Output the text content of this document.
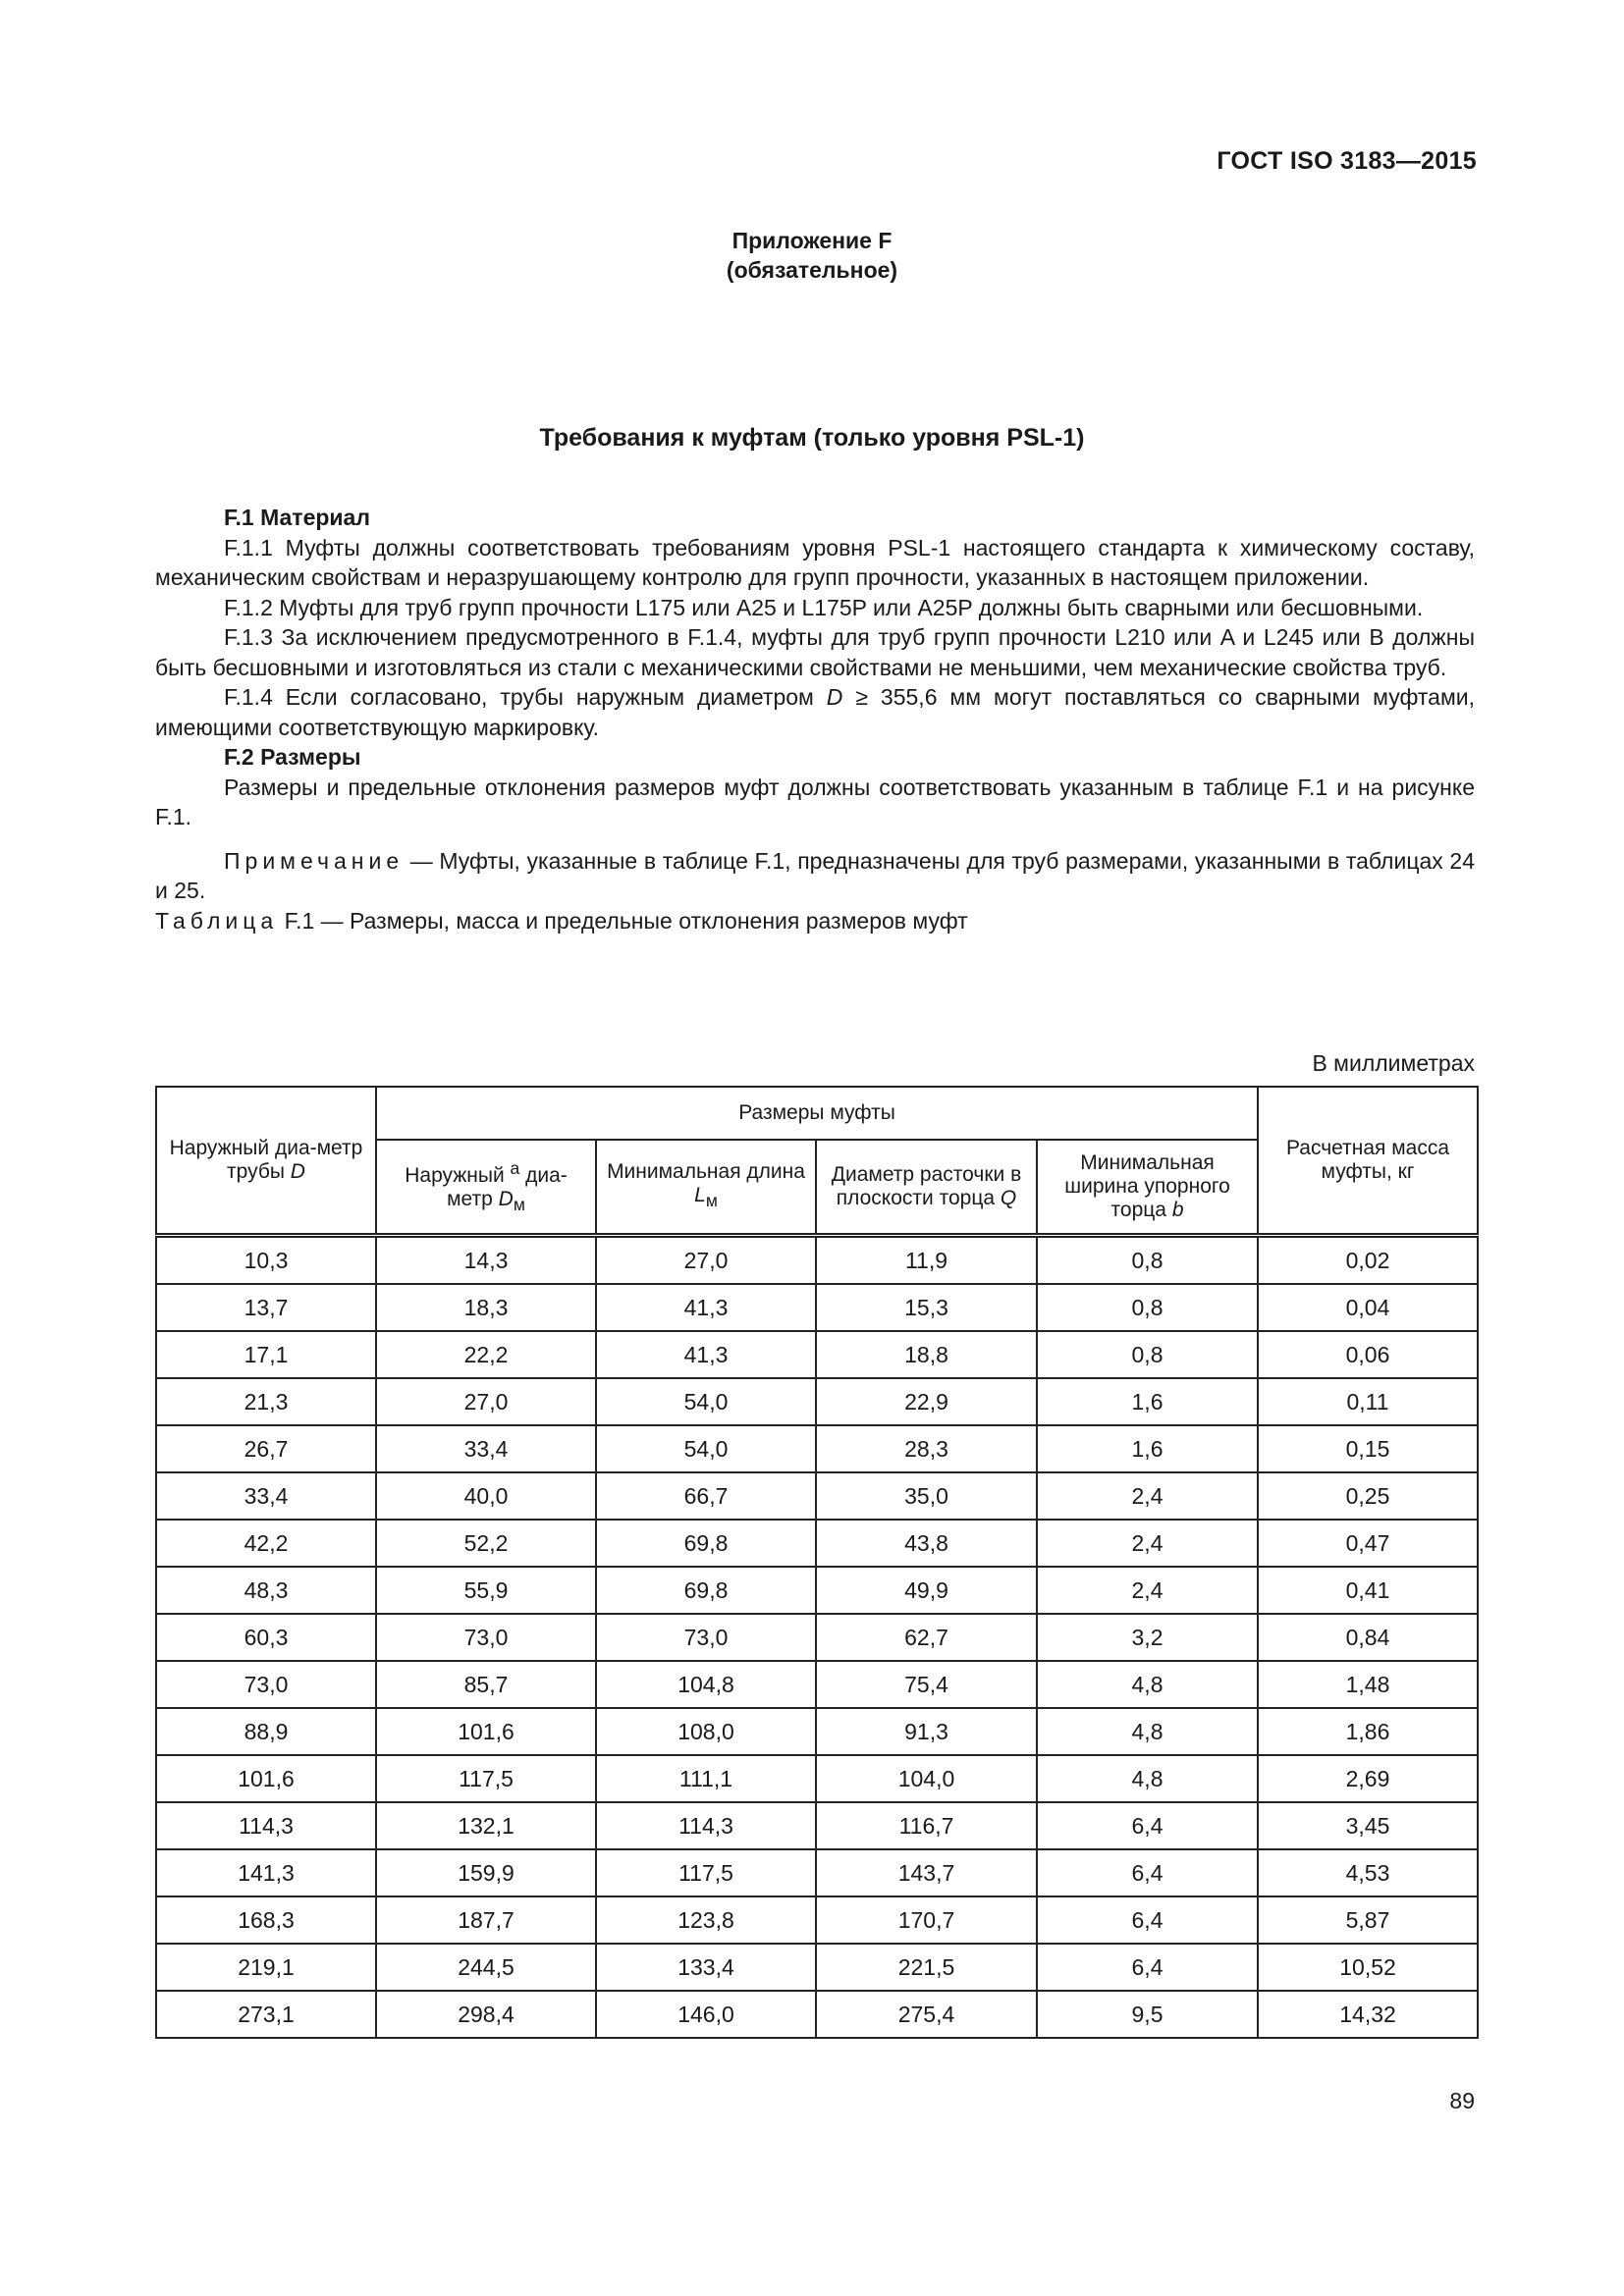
ГОСТ ISO 3183—2015
Приложение F
(обязательное)
Требования к муфтам (только уровня PSL-1)

F.1 Материал

F.1.1 Муфты должны соответствовать требованиям уровня PSL-1 настоящего стандарта к химическому составу, механическим свойствам и неразрушающему контролю для групп прочности, указанных в настоящем приложении.

F.1.2 Муфты для труб групп прочности L175 или A25 и L175P или A25P должны быть сварными или бесшовными.

F.1.3 За исключением предусмотренного в F.1.4, муфты для труб групп прочности L210 или A и L245 или B должны быть бесшовными и изготовляться из стали с механическими свойствами не меньшими, чем механические свойства труб.

F.1.4 Если согласовано, трубы наружным диаметром D ≥ 355,6 мм могут поставляться со сварными муфтами, имеющими соответствующую маркировку.

F.2 Размеры

Размеры и предельные отклонения размеров муфт должны соответствовать указанным в таблице F.1 и на рисунке F.1.

Примечание — Муфты, указанные в таблице F.1, предназначены для труб размерами, указанными в таблицах 24 и 25.

Таблица F.1 — Размеры, масса и предельные отклонения размеров муфт

В миллиметрах
Наружный диа-метр трубы D	Размеры муфты				Расчетная масса муфты, кг
	Наружный $^a$ диа-метр $D_м$	Минимальная длина $L_м$	Диаметр расточки в плоскости торца Q	Минимальная ширина упорного торца b	
10,3	14,3	27,0	11,9	0,8	0,02
13,7	18,3	41,3	15,3	0,8	0,04
17,1	22,2	41,3	18,8	0,8	0,06
21,3	27,0	54,0	22,9	1,6	0,11
26,7	33,4	54,0	28,3	1,6	0,15
33,4	40,0	66,7	35,0	2,4	0,25
42,2	52,2	69,8	43,8	2,4	0,47
48,3	55,9	69,8	49,9	2,4	0,41
60,3	73,0	73,0	62,7	3,2	0,84
73,0	85,7	104,8	75,4	4,8	1,48
88,9	101,6	108,0	91,3	4,8	1,86
101,6	117,5	111,1	104,0	4,8	2,69
114,3	132,1	114,3	116,7	6,4	3,45
141,3	159,9	117,5	143,7	6,4	4,53
168,3	187,7	123,8	170,7	6,4	5,87
219,1	244,5	133,4	221,5	6,4	10,52
273,1	298,4	146,0	275,4	9,5	14,32
89
